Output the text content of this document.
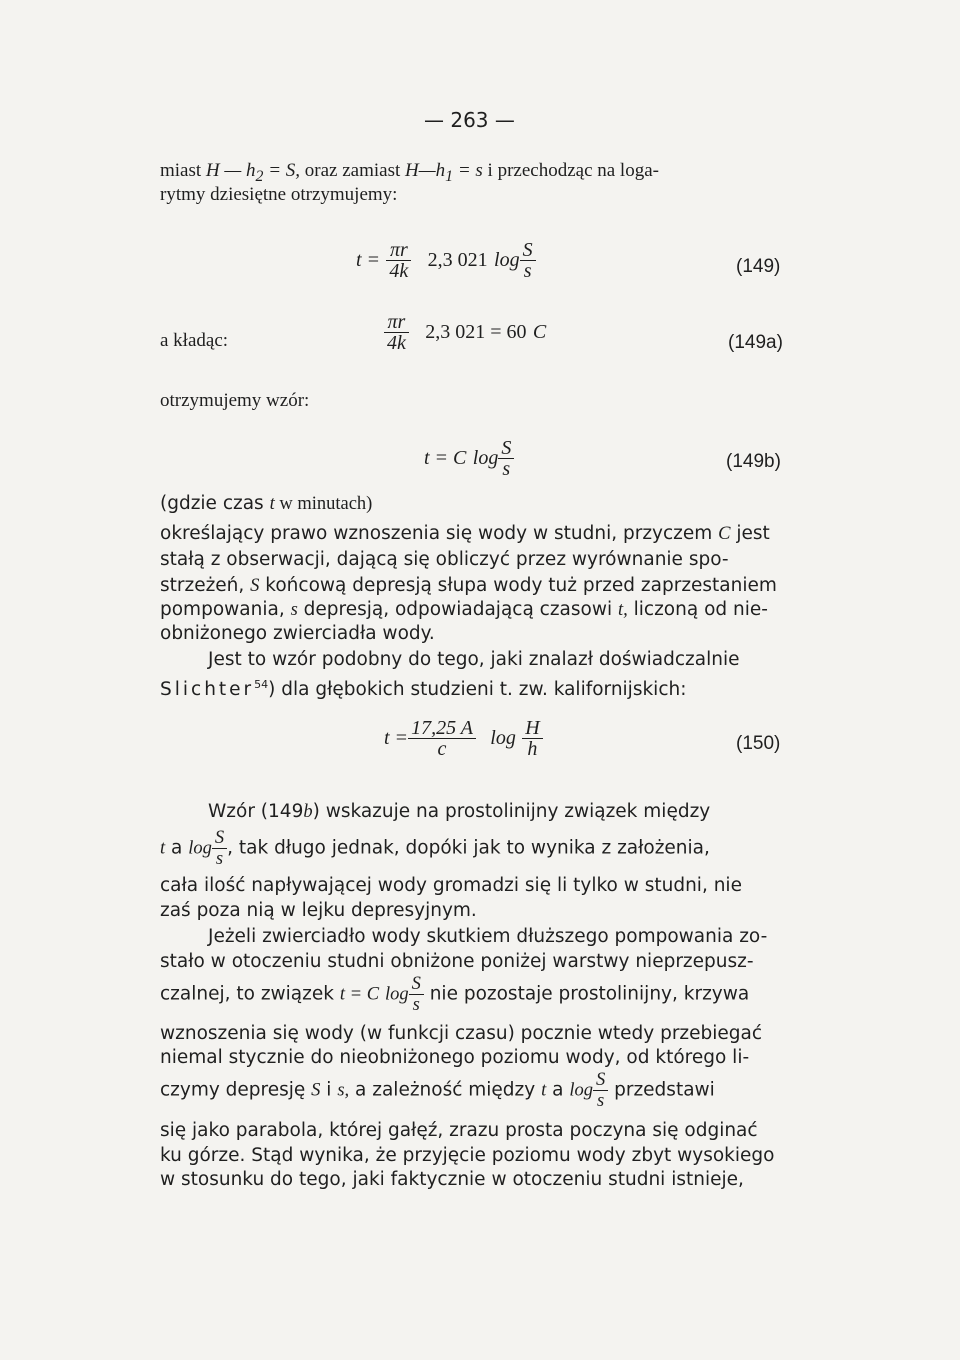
— 263 —
miast H — $h_2 = S$, oraz zamiast $H—h_1 = s$ i przechodząc na loga-
rytmy dziesiętne otrzymujemy:
$t = \frac{\pi r}{4k} 2,3$ 021 $\log \frac{S}{s}$	(149)
a kładąc:	$\frac{\pi r}{4k} 2,3$ 021 = 60 C	(149a)
otrzymujemy wzór:
t = C $\log \frac{S}{s}$	(149b)
(gdzie czas t w minutach)
określający prawo wznoszenia się wody w studni, przyczem C jest
stałą z obserwacji, dającą się obliczyć przez wyrównanie spo-
strzeżeń, S końcową depresją słupa wody tuż przed zaprzestaniem
pompowania, s depresją, odpowiadającą czasowi t, liczoną od nie-
obniżonego zwierciadła wody.
Jest to wzór podobny do tego, jaki znalazł doświadczalnie
Slichter$^{54}$) dla głębokich studzieni t. zw. kalifornijskich:
$t = \frac{17,25 A}{c}$ $\log \frac{H}{h}$	(150)
Wzór (149b) wskazuje na prostolinijny związek między
t a $\log \frac{S}{s}$ , tak długo jednak, dopóki jak to wynika z założenia,
cała ilość napływającej wody gromadzi się li tylko w studni, nie
zaś poza nią w lejku depresyjnym.
Jeżeli zwierciadło wody skutkiem dłuższego pompowania zo-
stało w otoczeniu studni obniżone poniżej warstwy nieprzepusz-
czalnej, to związek t = C $\log \frac{S}{s}$ nie pozostaje prostolinijny, krzywa
wznoszenia się wody (w funkcji czasu) pocznie wtedy przebiegać
niemal stycznie do nieobniżonego poziomu wody, od którego li-
czymy depresję S i s, a zależność między t a $\log \frac{S}{s}$ przedstawi
się jako parabola, której gałęź, zrazu prosta poczyna się odginać
ku górze. Stąd wynika, że przyjęcie poziomu wody zbyt wysokiego
w stosunku do tego, jaki faktycznie w otoczeniu studni istnieje,
